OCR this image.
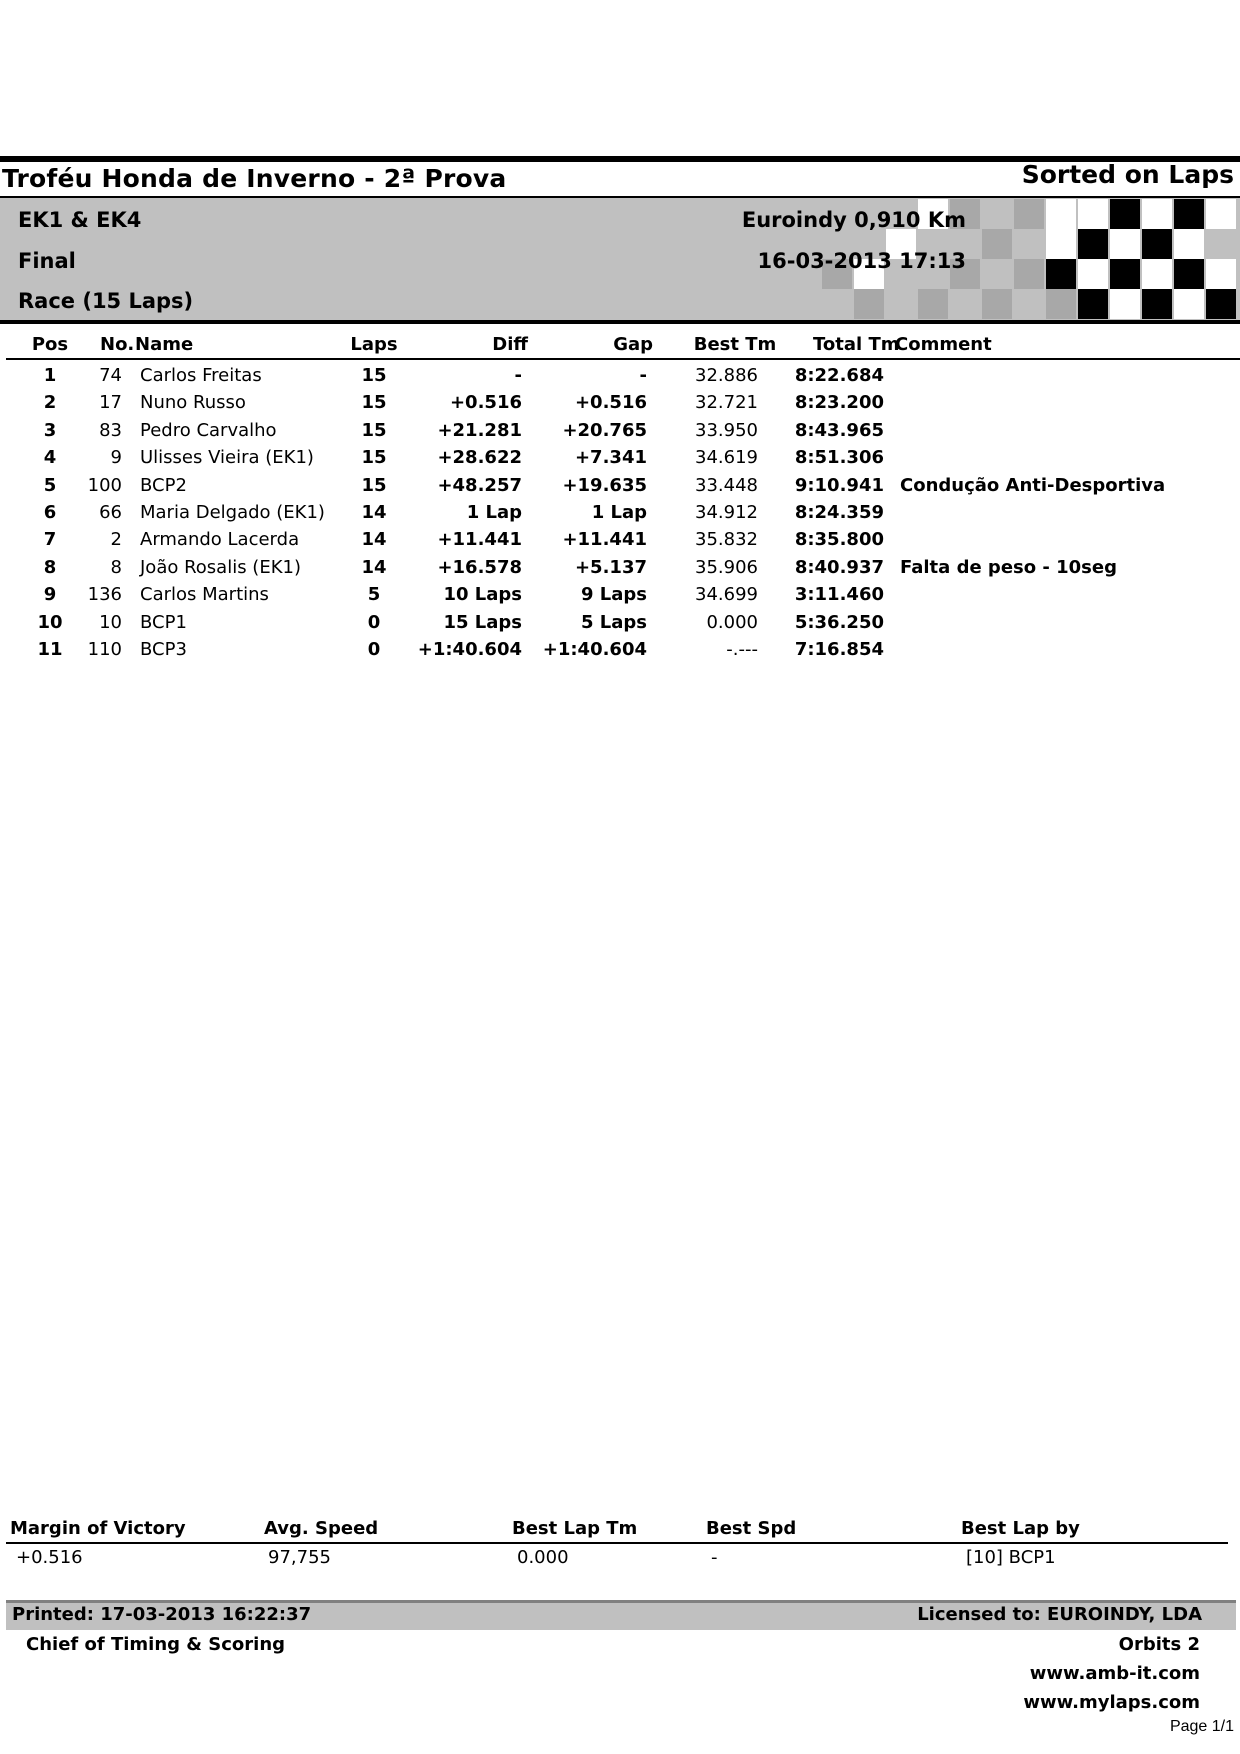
Troféu Honda de Inverno - 2ª Prova	Sorted on Laps
EK1 & EK4
Final
Race (15 Laps)
Euroindy 0,910 Km
16-03-2013 17:13
Pos	No. Name	Laps	Diff	Gap	Best Tm	Total Tm
Comment
1	74 Carlos Freitas	15	-	-	32.886 8:22.684
2	17 Nuno Russo	15	+0.516	+0.516	32.721 8:23.200
3	83 Pedro Carvalho	15	+21.281	+20.765	33.950 8:43.965
4	9 Ulisses Vieira (EK1)	15	+28.622	+7.341	34.619 8:51.306
5	100 BCP2	15	+48.257	+19.635	33.448 9:10.941 Condução Anti-Desportiva
6	66 Maria Delgado (EK1)	14	1 Lap	1 Lap	34.912 8:24.359
7	2 Armando Lacerda	14	+11.441	+11.441	35.832 8:35.800
8	8 João Rosalis (EK1)	14	+16.578	+5.137	35.906 8:40.937 Falta de peso - 10seg
9	136 Carlos Martins	5	10 Laps	9 Laps	34.699 3:11.460
10	10 BCP1	0	15 Laps	5 Laps	0.000 5:36.250
11	110 BCP3	0	+1:40.604	+1:40.604	-.--- 7:16.854
Margin of Victory	Avg. Speed	Best Lap Tm	Best Spd	Best Lap by
+0.516	97,755	0.000	-	[10] BCP1
Printed: 17-03-2013 16:22:37	Licensed to: EUROINDY, LDA
Chief of Timing & Scoring	Orbits 2
www.amb-it.com
www.mylaps.com
Page 1/1
